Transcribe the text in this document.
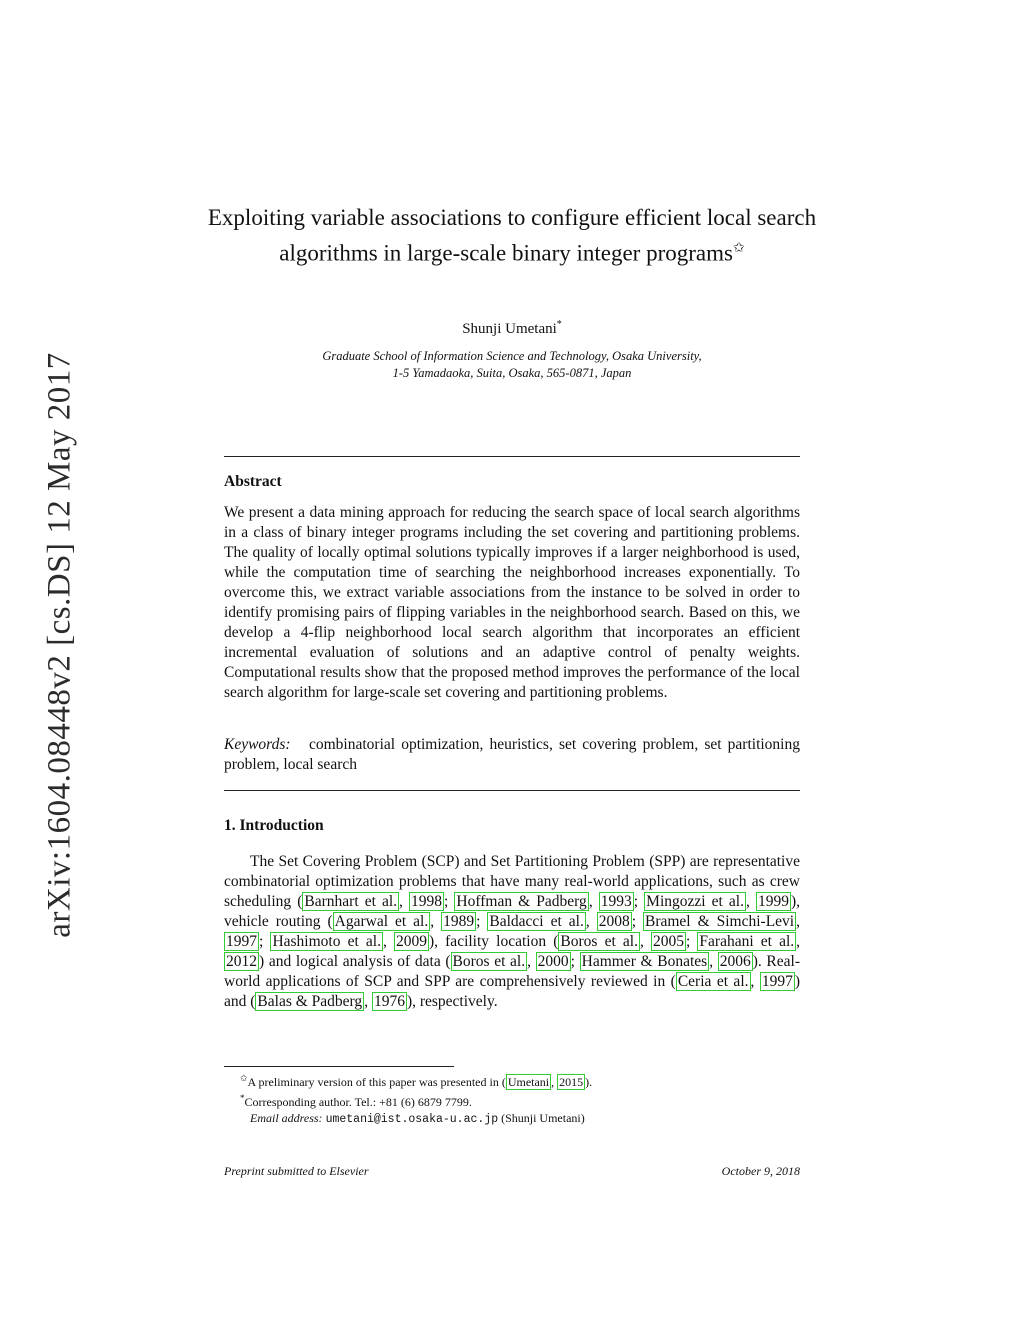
arXiv:1604.08448v2 [cs.DS] 12 May 2017
Exploiting variable associations to configure efficient local search algorithms in large-scale binary integer programs✩
Shunji Umetani*
Graduate School of Information Science and Technology, Osaka University,
1-5 Yamadaoka, Suita, Osaka, 565-0871, Japan
Abstract
We present a data mining approach for reducing the search space of local search algorithms in a class of binary integer programs including the set covering and partitioning problems. The quality of locally optimal solutions typically improves if a larger neighborhood is used, while the computation time of searching the neighborhood increases exponentially. To overcome this, we extract variable associations from the instance to be solved in order to identify promising pairs of flipping variables in the neighborhood search. Based on this, we develop a 4-flip neighborhood local search algorithm that incorporates an efficient incremental evaluation of solutions and an adaptive control of penalty weights. Computational results show that the proposed method improves the performance of the local search algorithm for large-scale set covering and partitioning problems.
Keywords: combinatorial optimization, heuristics, set covering problem, set partitioning problem, local search
1. Introduction
The Set Covering Problem (SCP) and Set Partitioning Problem (SPP) are representative combinatorial optimization problems that have many real-world applications, such as crew scheduling ( Barnhart et al. , 1998 ; Hoffman & Padberg , 1993 ; Mingozzi et al. , 1999 ), vehicle routing ( Agarwal et al. , 1989 ; Baldacci et al. , 2008 ; Bramel & Simchi-Levi , 1997 ; Hashimoto et al. , 2009 ), facility location ( Boros et al. , 2005 ; Farahani et al. , 2012 ) and logical analysis of data ( Boros et al. , 2000 ; Hammer & Bonates , 2006 ). Real-world applications of SCP and SPP are comprehensively reviewed in ( Ceria et al. , 1997 ) and ( Balas & Padberg , 1976 ), respectively.
✩A preliminary version of this paper was presented in ( Umetani , 2015 ).
*Corresponding author. Tel.: +81 (6) 6879 7799.
Email address: umetani@ist.osaka-u.ac.jp (Shunji Umetani)
Preprint submitted to Elsevier	October 9, 2018
